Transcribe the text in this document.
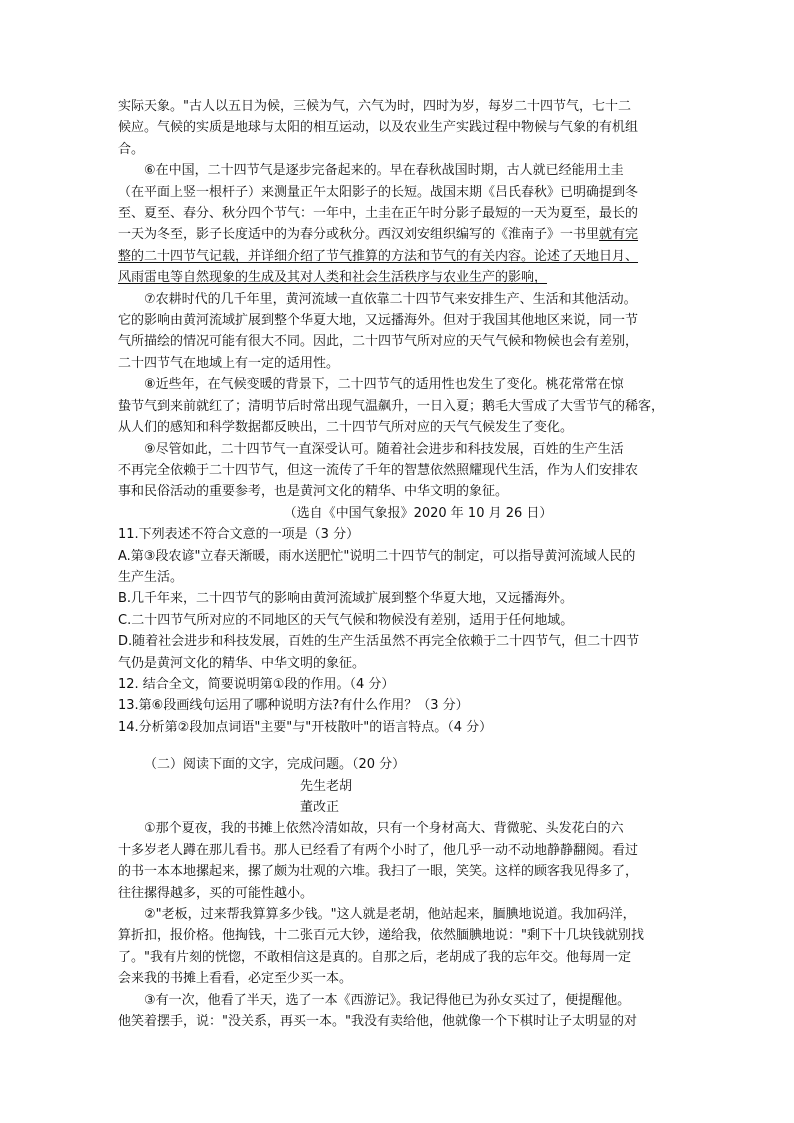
实际天象。"古人以五日为候，三候为气，六气为时，四时为岁，每岁二十四节气，七十二
候应。气候的实质是地球与太阳的相互运动，以及农业生产实践过程中物候与气象的有机组
合。
⑥在中国，二十四节气是逐步完备起来的。早在春秋战国时期，古人就已经能用土圭
（在平面上竖一根杆子）来测量正午太阳影子的长短。战国末期《吕氏春秋》已明确提到冬
至、夏至、春分、秋分四个节气：一年中，土圭在正午时分影子最短的一天为夏至，最长的
一天为冬至，影子长度适中的为春分或秋分。西汉刘安组织编写的《淮南子》一书里就有完
整的二十四节气记载，并详细介绍了节气推算的方法和节气的有关内容。论述了天地日月、
风雨雷电等自然现象的生成及其对人类和社会生活秩序与农业生产的影响，
⑦农耕时代的几千年里，黄河流域一直依靠二十四节气来安排生产、生活和其他活动。
它的影响由黄河流域扩展到整个华夏大地，又远播海外。但对于我国其他地区来说，同一节
气所描绘的情况可能有很大不同。因此，二十四节气所对应的天气气候和物候也会有差别，
二十四节气在地域上有一定的适用性。
⑧近些年，在气候变暖的背景下，二十四节气的适用性也发生了变化。桃花常常在惊
蛰节气到来前就红了；清明节后时常出现气温飙升，一日入夏；鹅毛大雪成了大雪节气的稀客，
从人们的感知和科学数据都反映出，二十四节气所对应的天气气候发生了变化。
⑨尽管如此，二十四节气一直深受认可。随着社会进步和科技发展，百姓的生产生活
不再完全依赖于二十四节气，但这一流传了千年的智慧依然照耀现代生活，作为人们安排农
事和民俗活动的重要参考，也是黄河文化的精华、中华文明的象征。
（选自《中国气象报》2020 年 10 月 26 日）
11.下列表述不符合文意的一项是（3 分）
A.第③段农谚"立春天渐暖，雨水送肥忙"说明二十四节气的制定，可以指导黄河流域人民的
生产生活。
B.几千年来，二十四节气的影响由黄河流域扩展到整个华夏大地，又远播海外。
C.二十四节气所对应的不同地区的天气气候和物候没有差别，适用于任何地域。
D.随着社会进步和科技发展，百姓的生产生活虽然不再完全依赖于二十四节气，但二十四节
气仍是黄河文化的精华、中华文明的象征。
12. 结合全文，简要说明第①段的作用。（4 分）
13.第⑥段画线句运用了哪种说明方法?有什么作用？（3 分）
14.分析第②段加点词语"主要"与"开枝散叶"的语言特点。（4 分）
（二）阅读下面的文字，完成问题。（20 分）
先生老胡
董改正
①那个夏夜，我的书摊上依然冷清如故，只有一个身材高大、背微驼、头发花白的六
十多岁老人蹲在那儿看书。那人已经看了有两个小时了，他几乎一动不动地静静翻阅。看过
的书一本本地摞起来，摞了颇为壮观的六堆。我扫了一眼，笑笑。这样的顾客我见得多了，
往往摞得越多，买的可能性越小。
②"老板，过来帮我算算多少钱。"这人就是老胡，他站起来，腼腆地说道。我加码洋，
算折扣，报价格。他掏钱，十二张百元大钞，递给我，依然腼腆地说："剩下十几块钱就别找
了。"我有片刻的恍惚，不敢相信这是真的。自那之后，老胡成了我的忘年交。他每周一定
会来我的书摊上看看，必定至少买一本。
③有一次，他看了半天，选了一本《西游记》。我记得他已为孙女买过了，便提醒他。
他笑着摆手，说："没关系，再买一本。"我没有卖给他，他就像一个下棋时让子太明显的对
